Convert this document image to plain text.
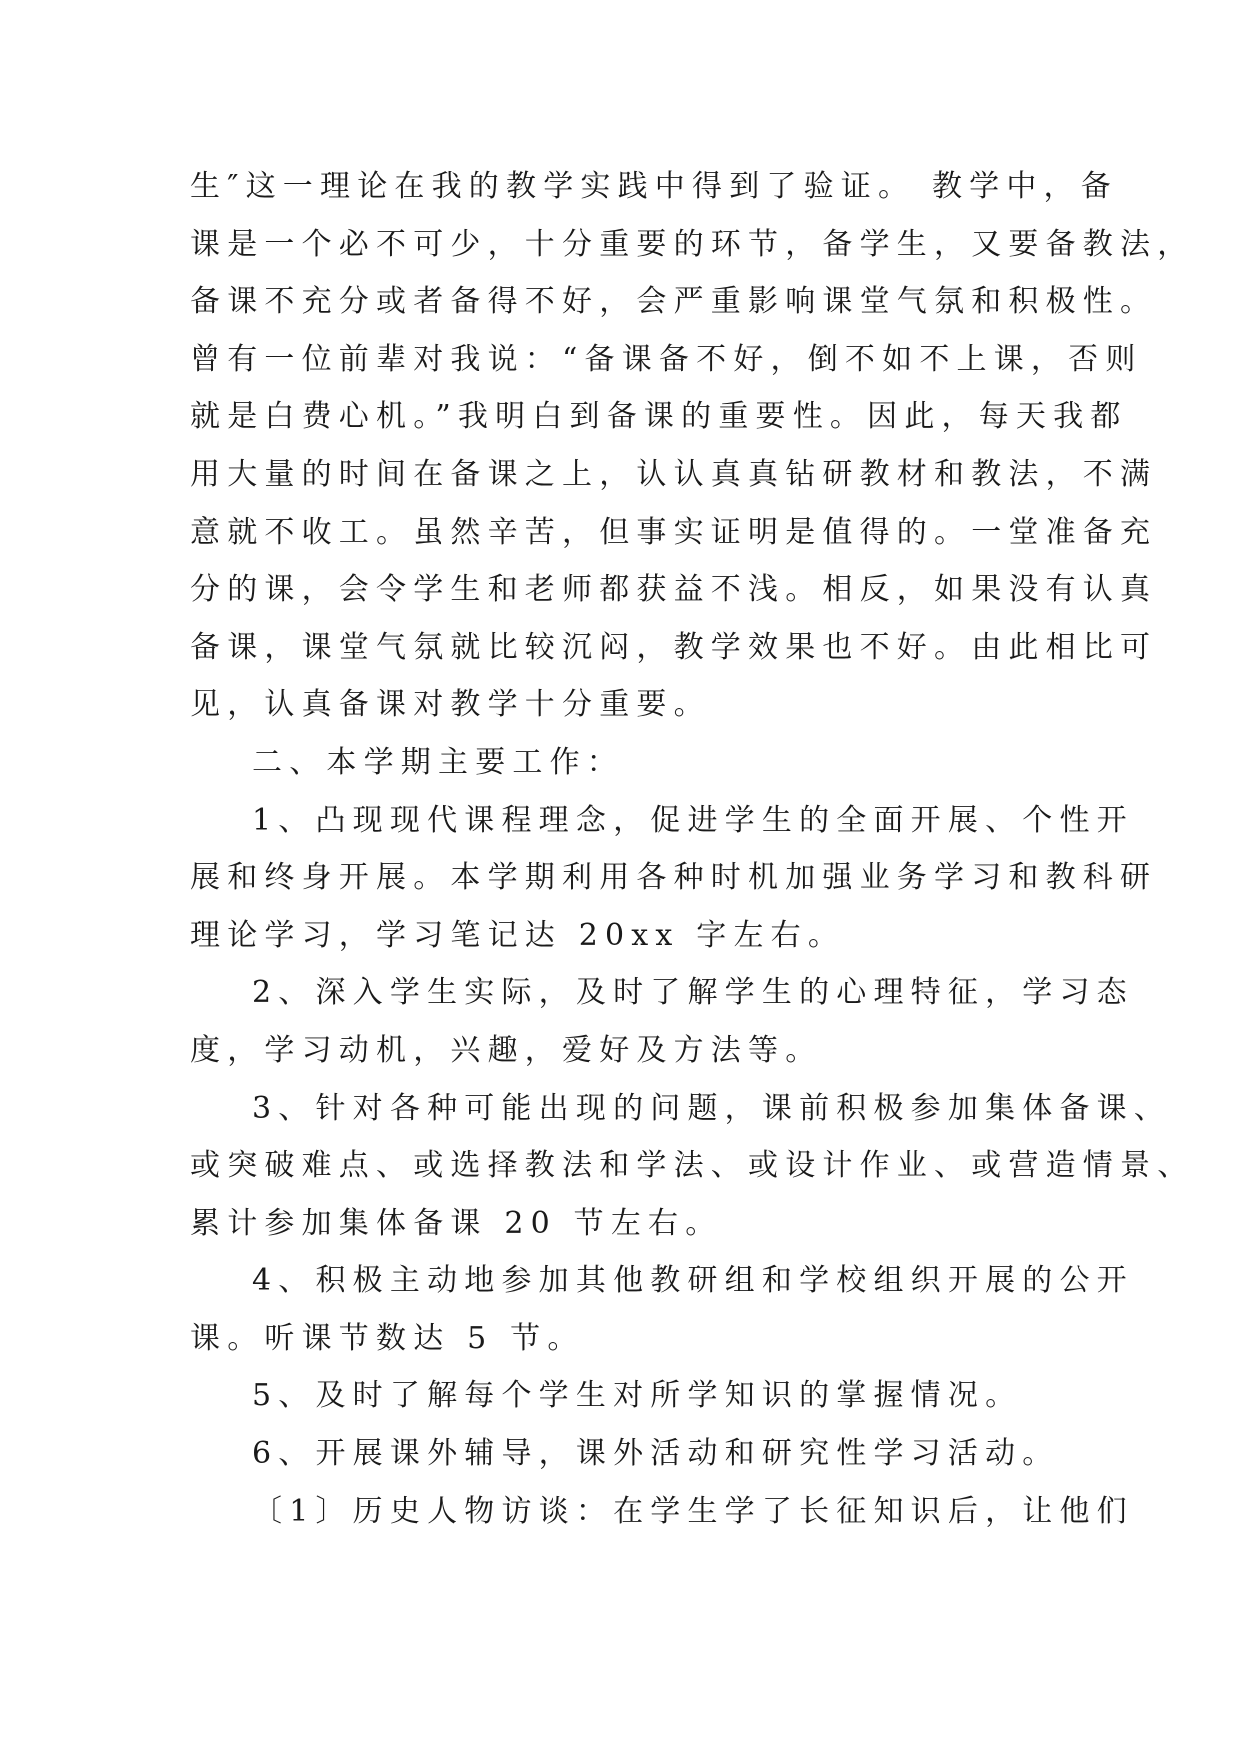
生″这一理论在我的教学实践中得到了验证。 教学中，备
课是一个必不可少，十分重要的环节，备学生，又要备教法，
备课不充分或者备得不好，会严重影响课堂气氛和积极性。
曾有一位前辈对我说：“备课备不好，倒不如不上课，否则
就是白费心机。”我明白到备课的重要性。因此，每天我都
用大量的时间在备课之上，认认真真钻研教材和教法，不满
意就不收工。虽然辛苦，但事实证明是值得的。一堂准备充
分的课，会令学生和老师都获益不浅。相反，如果没有认真
备课，课堂气氛就比较沉闷，教学效果也不好。由此相比可
见，认真备课对教学十分重要。
二、本学期主要工作：
1、凸现现代课程理念，促进学生的全面开展、个性开
展和终身开展。本学期利用各种时机加强业务学习和教科研
理论学习，学习笔记达 20xx 字左右。
2、深入学生实际，及时了解学生的心理特征，学习态
度，学习动机，兴趣，爱好及方法等。
3、针对各种可能出现的问题，课前积极参加集体备课、
或突破难点、或选择教法和学法、或设计作业、或营造情景、
累计参加集体备课 20 节左右。
4、积极主动地参加其他教研组和学校组织开展的公开
课。听课节数达 5 节。
5、及时了解每个学生对所学知识的掌握情况。
6、开展课外辅导，课外活动和研究性学习活动。
〔1〕历史人物访谈：在学生学了长征知识后，让他们
